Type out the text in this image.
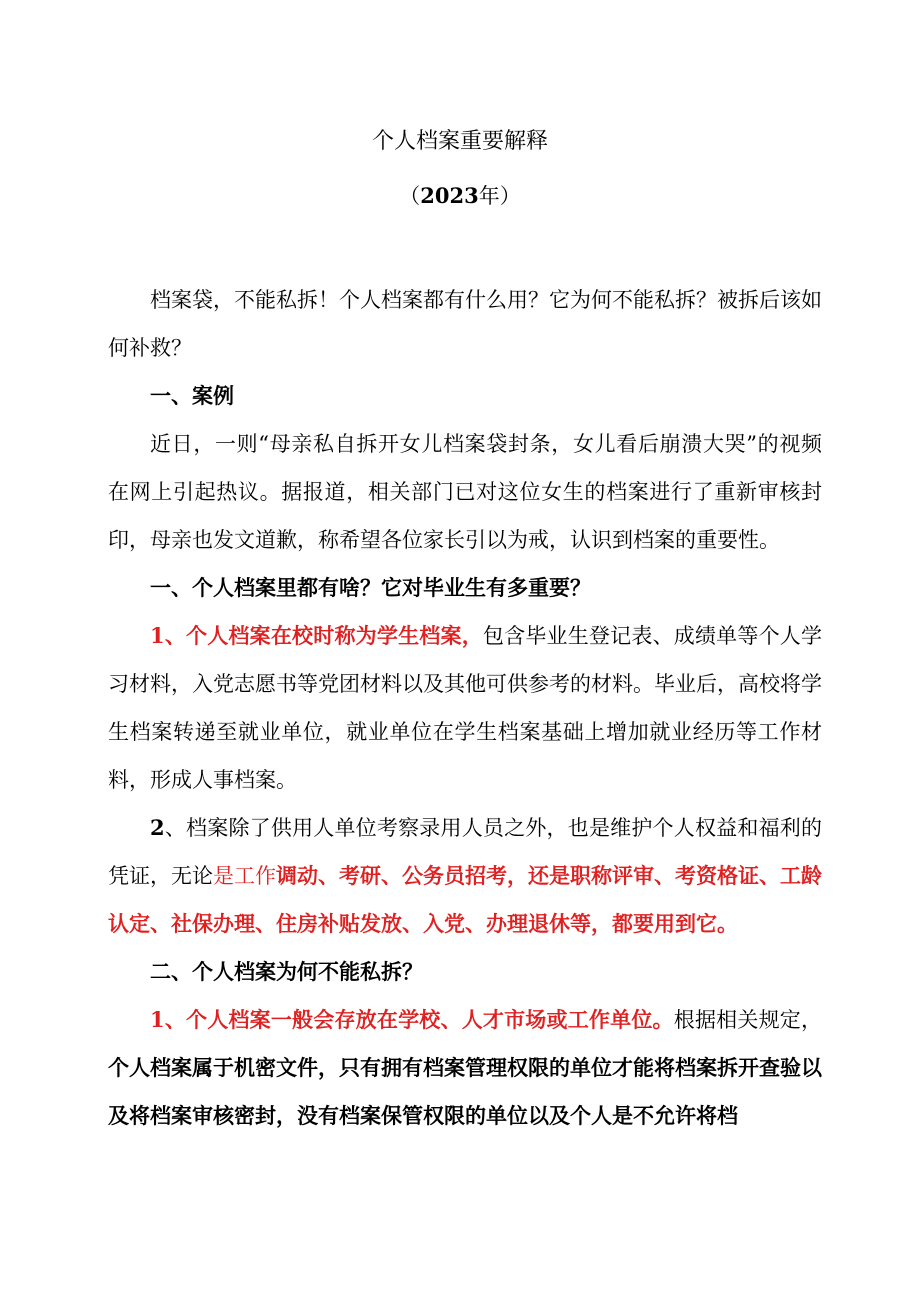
个人档案重要解释
（2023年）

档案袋，不能私拆！个人档案都有什么用？它为何不能私拆？被拆后该如何补救？

一、案例

近日，一则“母亲私自拆开女儿档案袋封条，女儿看后崩溃大哭”的视频在网上引起热议。据报道，相关部门已对这位女生的档案进行了重新审核封印，母亲也发文道歉，称希望各位家长引以为戒，认识到档案的重要性。

一、个人档案里都有啥？它对毕业生有多重要？

1、个人档案在校时称为学生档案，包含毕业生登记表、成绩单等个人学习材料，入党志愿书等党团材料以及其他可供参考的材料。毕业后，高校将学生档案转递至就业单位，就业单位在学生档案基础上增加就业经历等工作材料，形成人事档案。

2、档案除了供用人单位考察录用人员之外，也是维护个人权益和福利的凭证，无论是工作调动、考研、公务员招考，还是职称评审、考资格证、工龄认定、社保办理、住房补贴发放、入党、办理退休等，都要用到它。

二、个人档案为何不能私拆？

1、个人档案一般会存放在学校、人才市场或工作单位。根据相关规定，个人档案属于机密文件，只有拥有档案管理权限的单位才能将档案拆开查验以及将档案审核密封，没有档案保管权限的单位以及个人是不允许将档
